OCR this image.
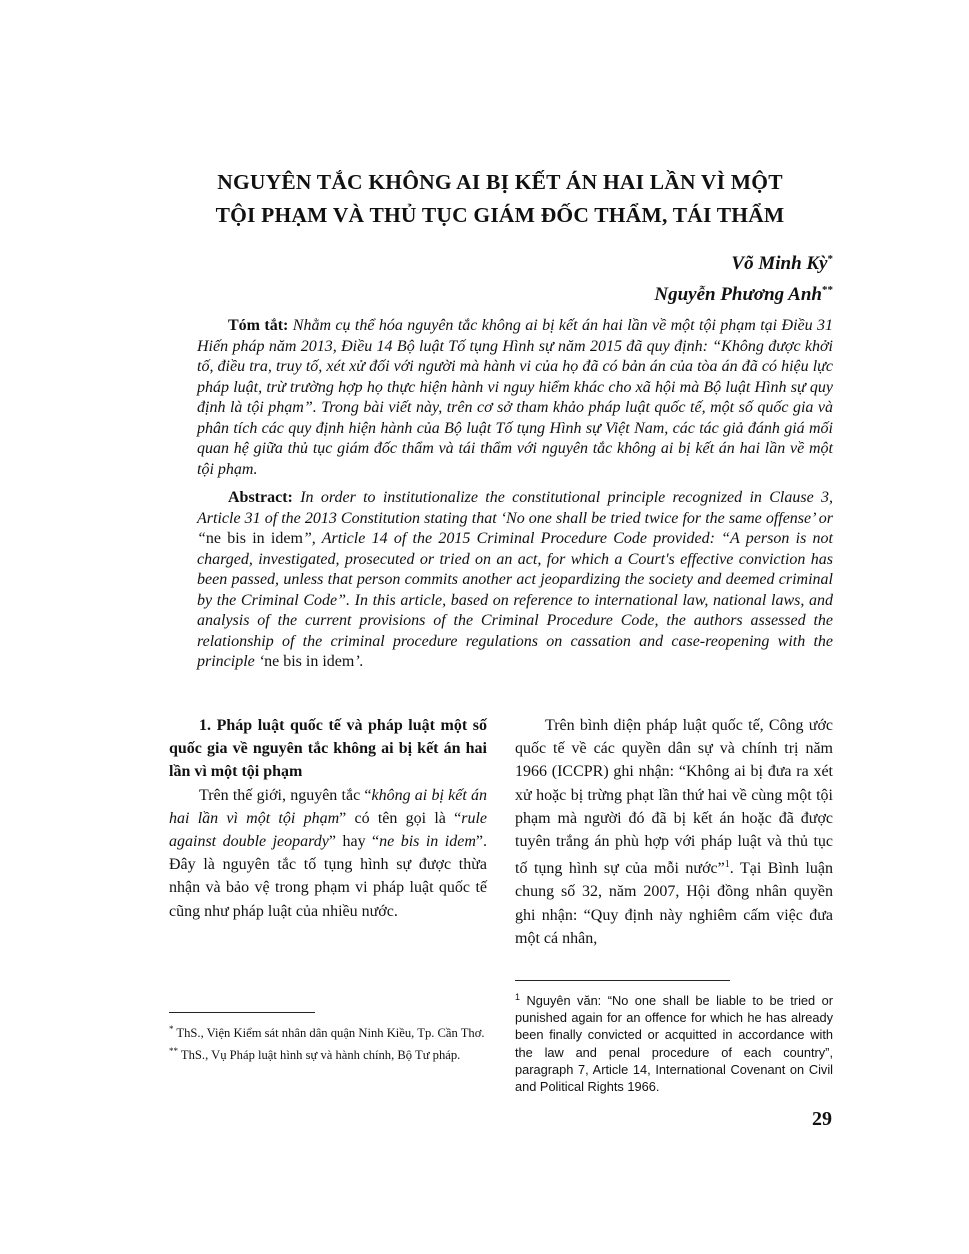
NGUYÊN TẮC KHÔNG AI BỊ KẾT ÁN HAI LẦN VÌ MỘT
TỘI PHẠM VÀ THỦ TỤC GIÁM ĐỐC THẨM, TÁI THẨM
Võ Minh Kỳ*
Nguyễn Phương Anh**
Tóm tắt: Nhằm cụ thể hóa nguyên tắc không ai bị kết án hai lần về một tội phạm tại Điều 31 Hiến pháp năm 2013, Điều 14 Bộ luật Tố tụng Hình sự năm 2015 đã quy định: “Không được khởi tố, điều tra, truy tố, xét xử đối với người mà hành vi của họ đã có bản án của tòa án đã có hiệu lực pháp luật, trừ trường hợp họ thực hiện hành vi nguy hiểm khác cho xã hội mà Bộ luật Hình sự quy định là tội phạm”. Trong bài viết này, trên cơ sở tham khảo pháp luật quốc tế, một số quốc gia và phân tích các quy định hiện hành của Bộ luật Tố tụng Hình sự Việt Nam, các tác giả đánh giá mối quan hệ giữa thủ tục giám đốc thẩm và tái thẩm với nguyên tắc không ai bị kết án hai lần về một tội phạm.
Abstract: In order to institutionalize the constitutional principle recognized in Clause 3, Article 31 of the 2013 Constitution stating that ‘No one shall be tried twice for the same offense’ or “ne bis in idem”, Article 14 of the 2015 Criminal Procedure Code provided: “A person is not charged, investigated, prosecuted or tried on an act, for which a Court's effective conviction has been passed, unless that person commits another act jeopardizing the society and deemed criminal by the Criminal Code”. In this article, based on reference to international law, national laws, and analysis of the current provisions of the Criminal Procedure Code, the authors assessed the relationship of the criminal procedure regulations on cassation and case-reopening with the principle ‘ne bis in idem’.

1. Pháp luật quốc tế và pháp luật một số quốc gia về nguyên tắc không ai bị kết án hai lần vì một tội phạm

Trên thế giới, nguyên tắc “không ai bị kết án hai lần vì một tội phạm” có tên gọi là “rule against double jeopardy” hay “ne bis in idem”. Đây là nguyên tắc tố tụng hình sự được thừa nhận và bảo vệ trong phạm vi pháp luật quốc tế cũng như pháp luật của nhiều nước.

Trên bình diện pháp luật quốc tế, Công ước quốc tế về các quyền dân sự và chính trị năm 1966 (ICCPR) ghi nhận: “Không ai bị đưa ra xét xử hoặc bị trừng phạt lần thứ hai về cùng một tội phạm mà người đó đã bị kết án hoặc đã được tuyên trắng án phù hợp với pháp luật và thủ tục tố tụng hình sự của mỗi nước”$^1$. Tại Bình luận chung số 32, năm 2007, Hội đồng nhân quyền ghi nhận: “Quy định này nghiêm cấm việc đưa một cá nhân,

* ThS., Viện Kiểm sát nhân dân quận Ninh Kiều, Tp. Cần Thơ.

** ThS., Vụ Pháp luật hình sự và hành chính, Bộ Tư pháp.

$^1$ Nguyên văn: “No one shall be liable to be tried or punished again for an offence for which he has already been finally convicted or acquitted in accordance with the law and penal procedure of each country”, paragraph 7, Article 14, International Covenant on Civil and Political Rights 1966.
29
